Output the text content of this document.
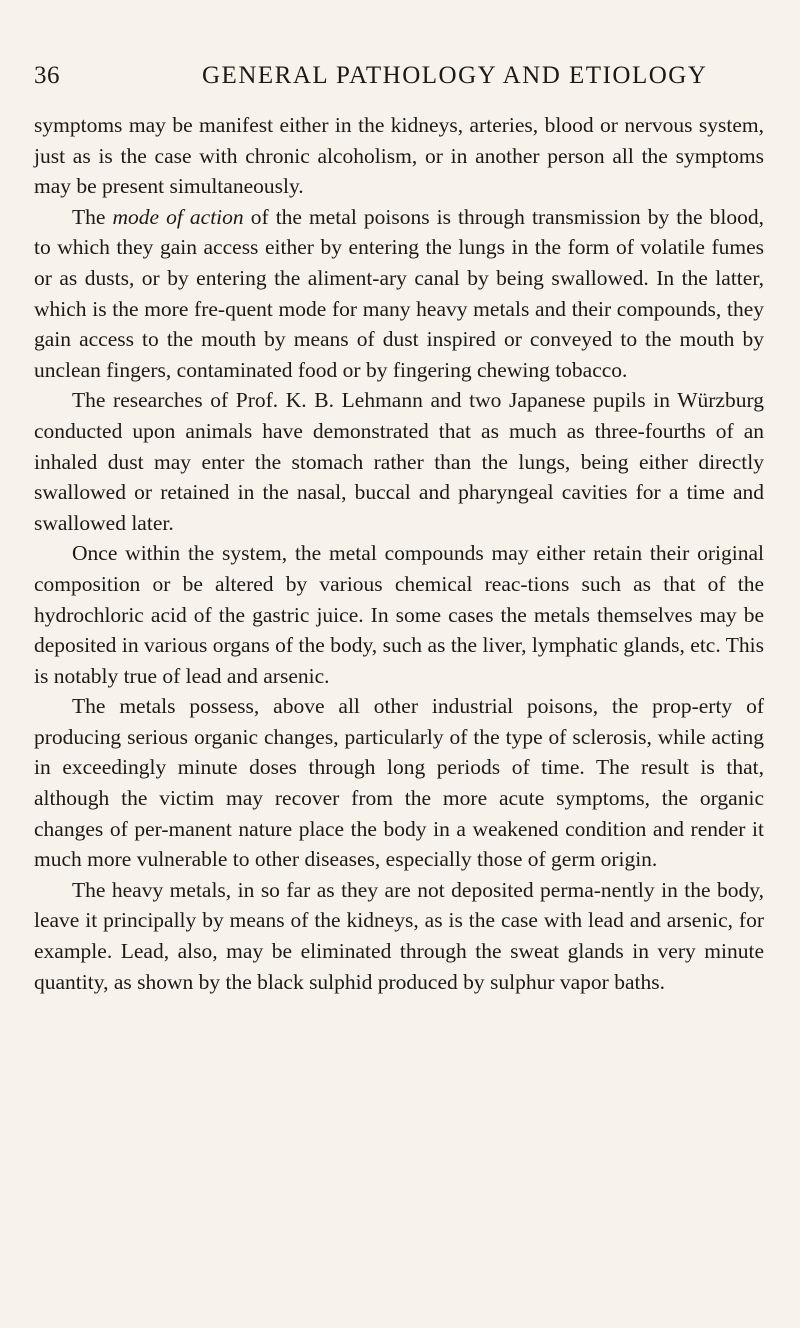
36	GENERAL PATHOLOGY AND ETIOLOGY

symptoms may be manifest either in the kidneys, arteries, blood or nervous system, just as is the case with chronic alcoholism, or in another person all the symptoms may be present simultaneously.

The mode of action of the metal poisons is through transmission by the blood, to which they gain access either by entering the lungs in the form of volatile fumes or as dusts, or by entering the aliment-ary canal by being swallowed. In the latter, which is the more fre-quent mode for many heavy metals and their compounds, they gain access to the mouth by means of dust inspired or conveyed to the mouth by unclean fingers, contaminated food or by fingering chewing tobacco.

The researches of Prof. K. B. Lehmann and two Japanese pupils in Würzburg conducted upon animals have demonstrated that as much as three-fourths of an inhaled dust may enter the stomach rather than the lungs, being either directly swallowed or retained in the nasal, buccal and pharyngeal cavities for a time and swallowed later.

Once within the system, the metal compounds may either retain their original composition or be altered by various chemical reac-tions such as that of the hydrochloric acid of the gastric juice. In some cases the metals themselves may be deposited in various organs of the body, such as the liver, lymphatic glands, etc. This is notably true of lead and arsenic.

The metals possess, above all other industrial poisons, the prop-erty of producing serious organic changes, particularly of the type of sclerosis, while acting in exceedingly minute doses through long periods of time. The result is that, although the victim may recover from the more acute symptoms, the organic changes of per-manent nature place the body in a weakened condition and render it much more vulnerable to other diseases, especially those of germ origin.

The heavy metals, in so far as they are not deposited perma-nently in the body, leave it principally by means of the kidneys, as is the case with lead and arsenic, for example. Lead, also, may be eliminated through the sweat glands in very minute quantity, as shown by the black sulphid produced by sulphur vapor baths.
